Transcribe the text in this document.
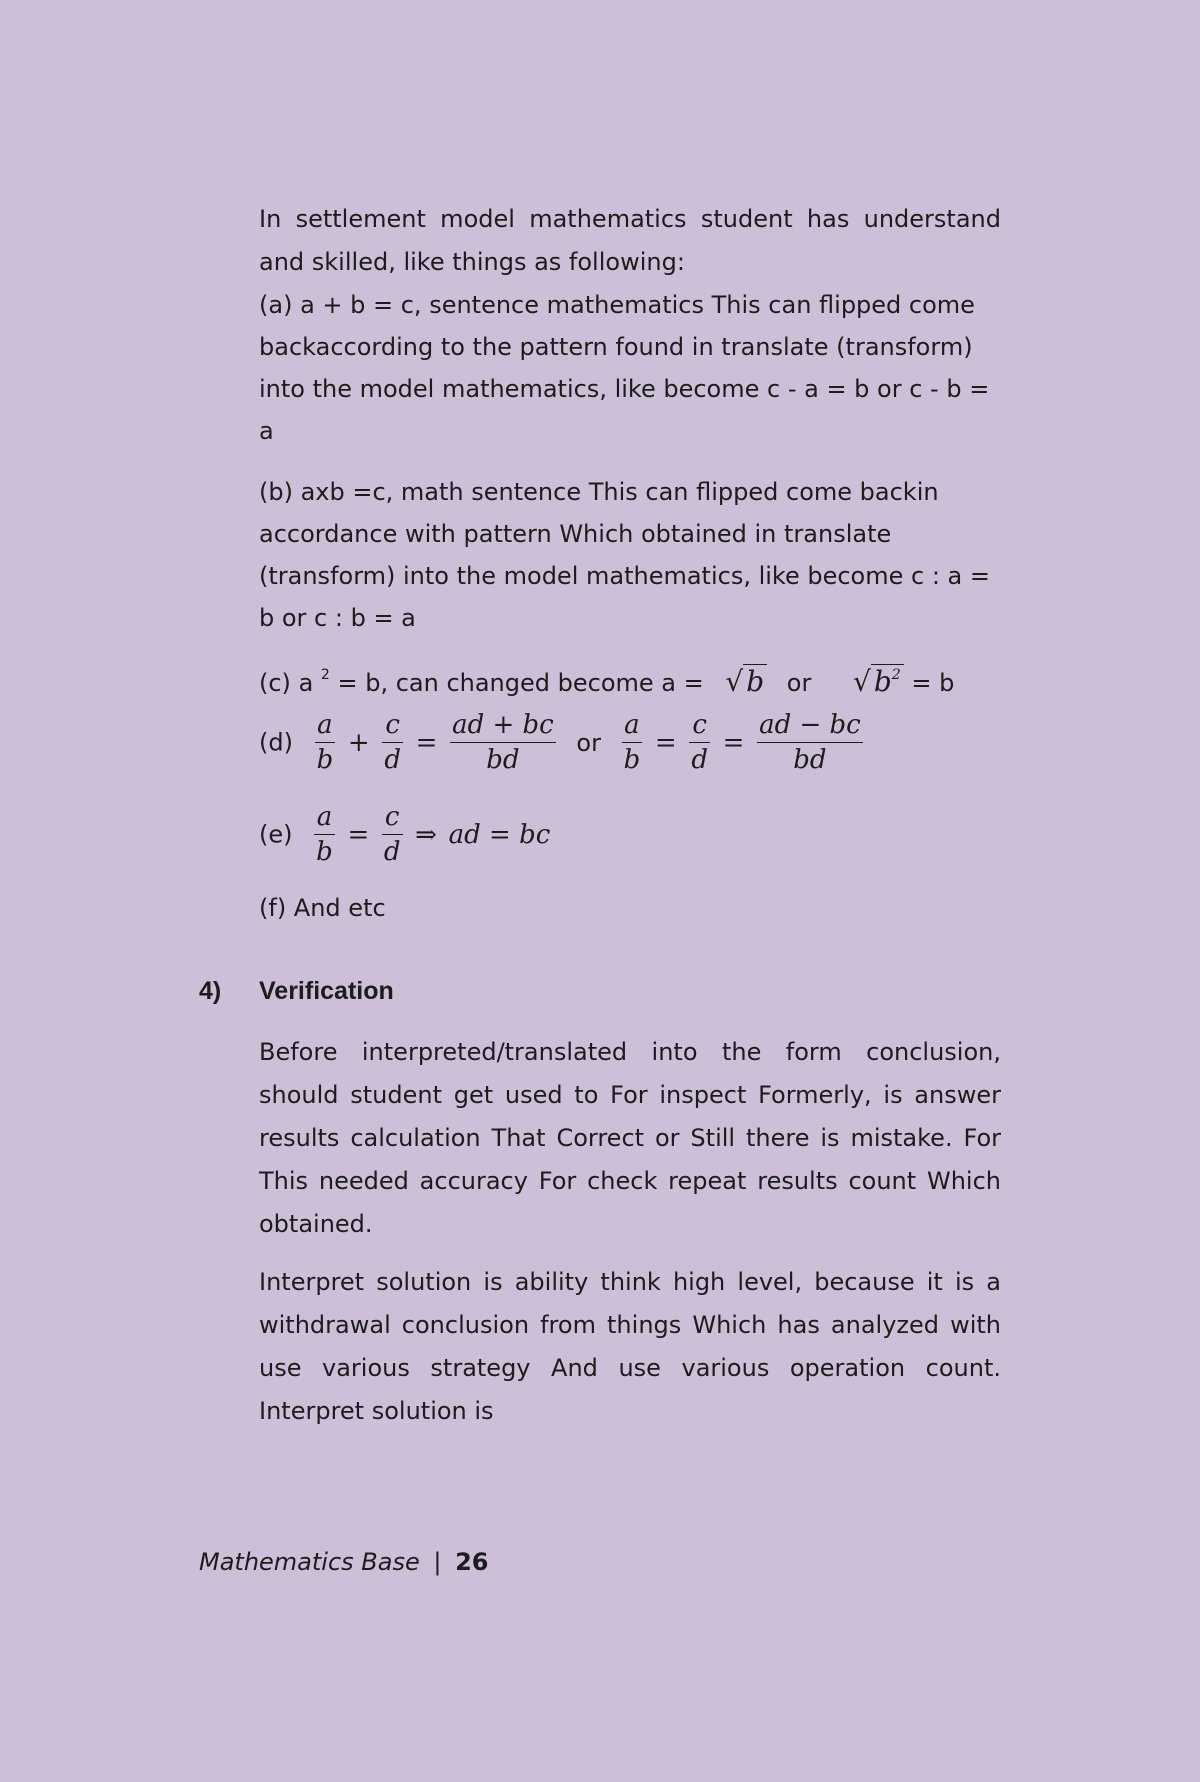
In settlement model mathematics student has understand and skilled, like things as following:

(a) a + b = c, sentence mathematics This can flipped come backaccording to the pattern found in translate (transform) into the model mathematics, like become c - a = b or c - b = a

(b) axb =c, math sentence This can flipped come backin accordance with pattern Which obtained in translate (transform) into the model mathematics, like become c : a = b or c : b = a

(c) a $^2$ = b, can changed become a = √ b or √ $b^2 = b$
$(d) \frac{a}{b} + \frac{c}{d} = \frac{ad + bc}{bd}$ or $\frac{a}{b} = \frac{c}{d} = \frac{ad - bc}{bd}$
$(e) \frac{a}{b} = \frac{c}{d}$ ⇒ ad = bc
(f) And etc
4) Verification

Before interpreted/translated into the form conclusion, should student get used to For inspect Formerly, is answer results calculation That Correct or Still there is mistake. For This needed accuracy For check repeat results count Which obtained.

Interpret solution is ability think high level, because it is a withdrawal conclusion from things Which has analyzed with use various strategy And use various operation count. Interpret solution is

Mathematics Base | 26
